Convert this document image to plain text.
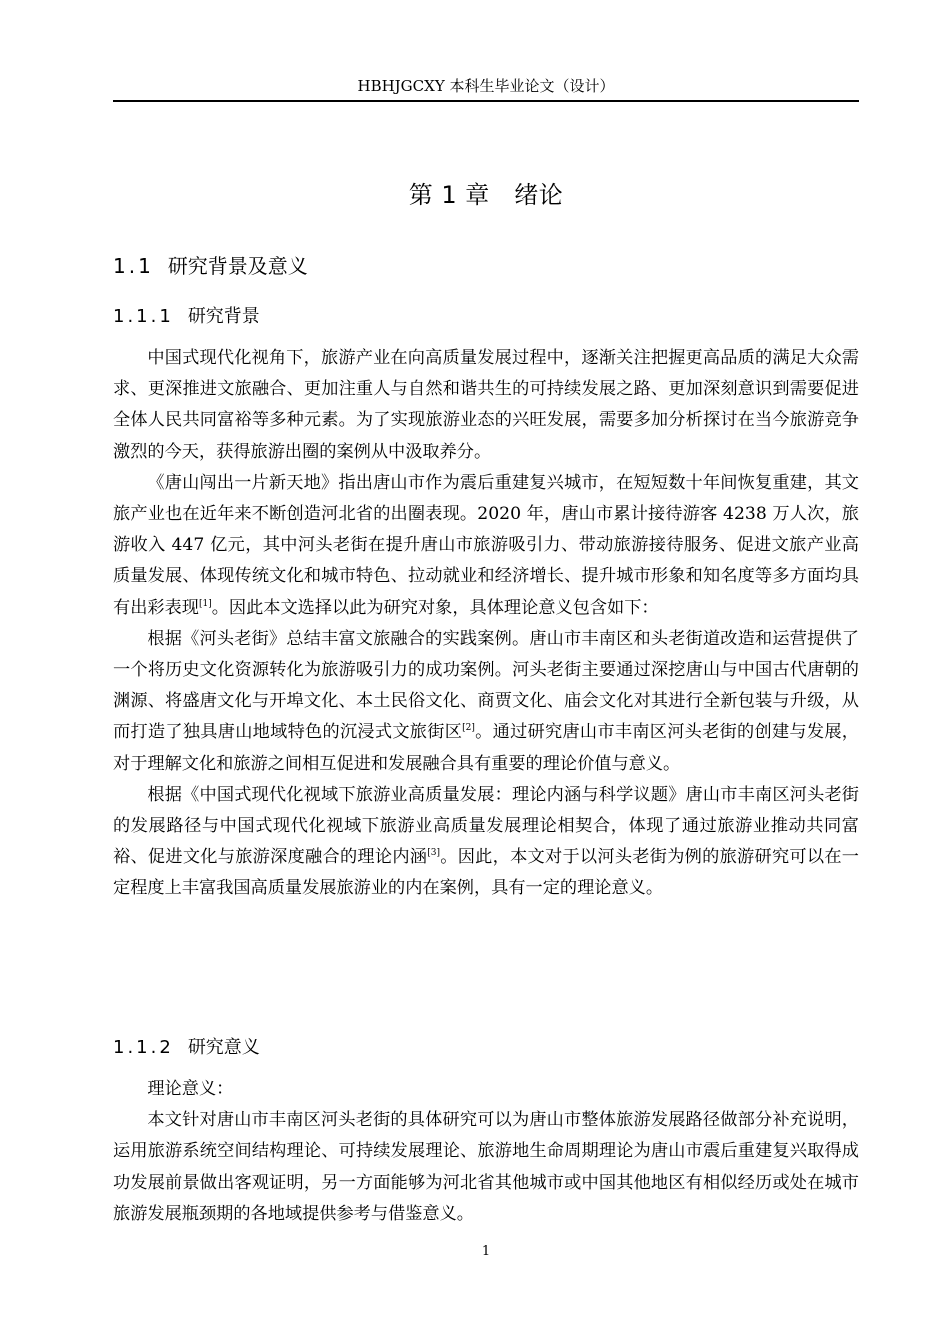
HBHJGCXY 本科生毕业论文（设计）
第 1 章　绪论
1.1 研究背景及意义
1.1.1 研究背景

中国式现代化视角下，旅游产业在向高质量发展过程中，逐渐关注把握更高品质的满足大众需求、更深推进文旅融合、更加注重人与自然和谐共生的可持续发展之路、更加深刻意识到需要促进全体人民共同富裕等多种元素。为了实现旅游业态的兴旺发展，需要多加分析探讨在当今旅游竞争激烈的今天，获得旅游出圈的案例从中汲取养分。

《唐山闯出一片新天地》指出唐山市作为震后重建复兴城市，在短短数十年间恢复重建，其文旅产业也在近年来不断创造河北省的出圈表现。2020 年，唐山市累计接待游客 4238 万人次，旅游收入 447 亿元，其中河头老街在提升唐山市旅游吸引力、带动旅游接待服务、促进文旅产业高质量发展、体现传统文化和城市特色、拉动就业和经济增长、提升城市形象和知名度等多方面均具有出彩表现[1]。因此本文选择以此为研究对象，具体理论意义包含如下：

根据《河头老街》总结丰富文旅融合的实践案例。唐山市丰南区和头老街道改造和运营提供了一个将历史文化资源转化为旅游吸引力的成功案例。河头老街主要通过深挖唐山与中国古代唐朝的渊源、将盛唐文化与开埠文化、本土民俗文化、商贾文化、庙会文化对其进行全新包装与升级，从而打造了独具唐山地域特色的沉浸式文旅街区[2]。通过研究唐山市丰南区河头老街的创建与发展，对于理解文化和旅游之间相互促进和发展融合具有重要的理论价值与意义。

根据《中国式现代化视域下旅游业高质量发展：理论内涵与科学议题》唐山市丰南区河头老街的发展路径与中国式现代化视域下旅游业高质量发展理论相契合，体现了通过旅游业推动共同富裕、促进文化与旅游深度融合的理论内涵[3]。因此，本文对于以河头老街为例的旅游研究可以在一定程度上丰富我国高质量发展旅游业的内在案例，具有一定的理论意义。

1.1.2 研究意义

理论意义：

本文针对唐山市丰南区河头老街的具体研究可以为唐山市整体旅游发展路径做部分补充说明，运用旅游系统空间结构理论、可持续发展理论、旅游地生命周期理论为唐山市震后重建复兴取得成功发展前景做出客观证明，另一方面能够为河北省其他城市或中国其他地区有相似经历或处在城市旅游发展瓶颈期的各地域提供参考与借鉴意义。

1
